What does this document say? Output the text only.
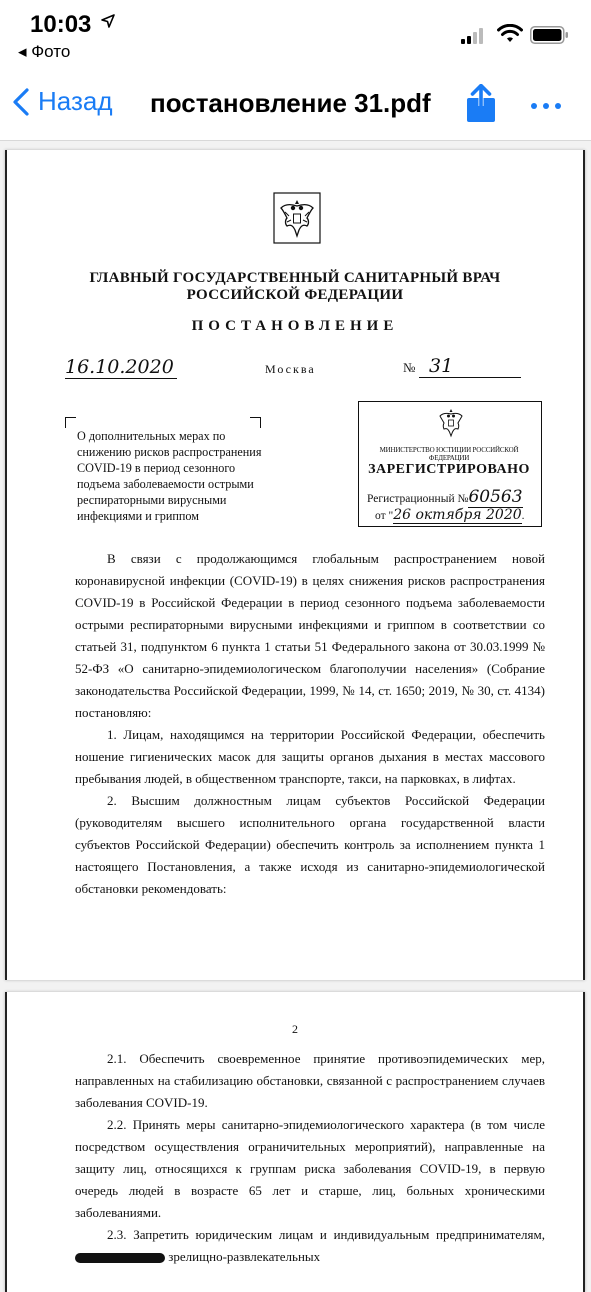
10:03
◂ Фото
Назад постановление 31.pdf
ГЛАВНЫЙ ГОСУДАРСТВЕННЫЙ САНИТАРНЫЙ ВРАЧ
РОССИЙСКОЙ ФЕДЕРАЦИИ
ПОСТАНОВЛЕНИЕ
16.10.2020	Москва	№ 31
О дополнительных мерах по снижению рисков распространения COVID-19 в период сезонного подъема заболеваемости острыми респираторными вирусными инфекциями и гриппом
МИНИСТЕРСТВО ЮСТИЦИИ РОССИЙСКОЙ ФЕДЕРАЦИИ
ЗАРЕГИСТРИРОВАНО
Регистрационный №60563
от "26 октября 2020.

В связи с продолжающимся глобальным распространением новой коронавирусной инфекции (COVID-19) в целях снижения рисков распространения COVID-19 в Российской Федерации в период сезонного подъема заболеваемости острыми респираторными вирусными инфекциями и гриппом в соответствии со статьей 31, подпунктом 6 пункта 1 статьи 51 Федерального закона от 30.03.1999 № 52-ФЗ «О санитарно-эпидемиологическом благополучии населения» (Собрание законодательства Российской Федерации, 1999, № 14, ст. 1650; 2019, № 30, ст. 4134) постановляю:

1. Лицам, находящимся на территории Российской Федерации, обеспечить ношение гигиенических масок для защиты органов дыхания в местах массового пребывания людей, в общественном транспорте, такси, на парковках, в лифтах.

2. Высшим должностным лицам субъектов Российской Федерации (руководителям высшего исполнительного органа государственной власти субъектов Российской Федерации) обеспечить контроль за исполнением пункта 1 настоящего Постановления, а также исходя из санитарно-эпидемиологической обстановки рекомендовать:

2

2.1. Обеспечить своевременное принятие противоэпидемических мер, направленных на стабилизацию обстановки, связанной с распространением случаев заболевания COVID-19.

2.2. Принять меры санитарно-эпидемиологического характера (в том числе посредством осуществления ограничительных мероприятий), направленные на защиту лиц, относящихся к группам риска заболевания COVID-19, в первую очередь людей в возрасте 65 лет и старше, лиц, больных хроническими заболеваниями.

2.3. Запретить юридическим лицам и индивидуальным предпринимателям,  зрелищно-развлекательных
